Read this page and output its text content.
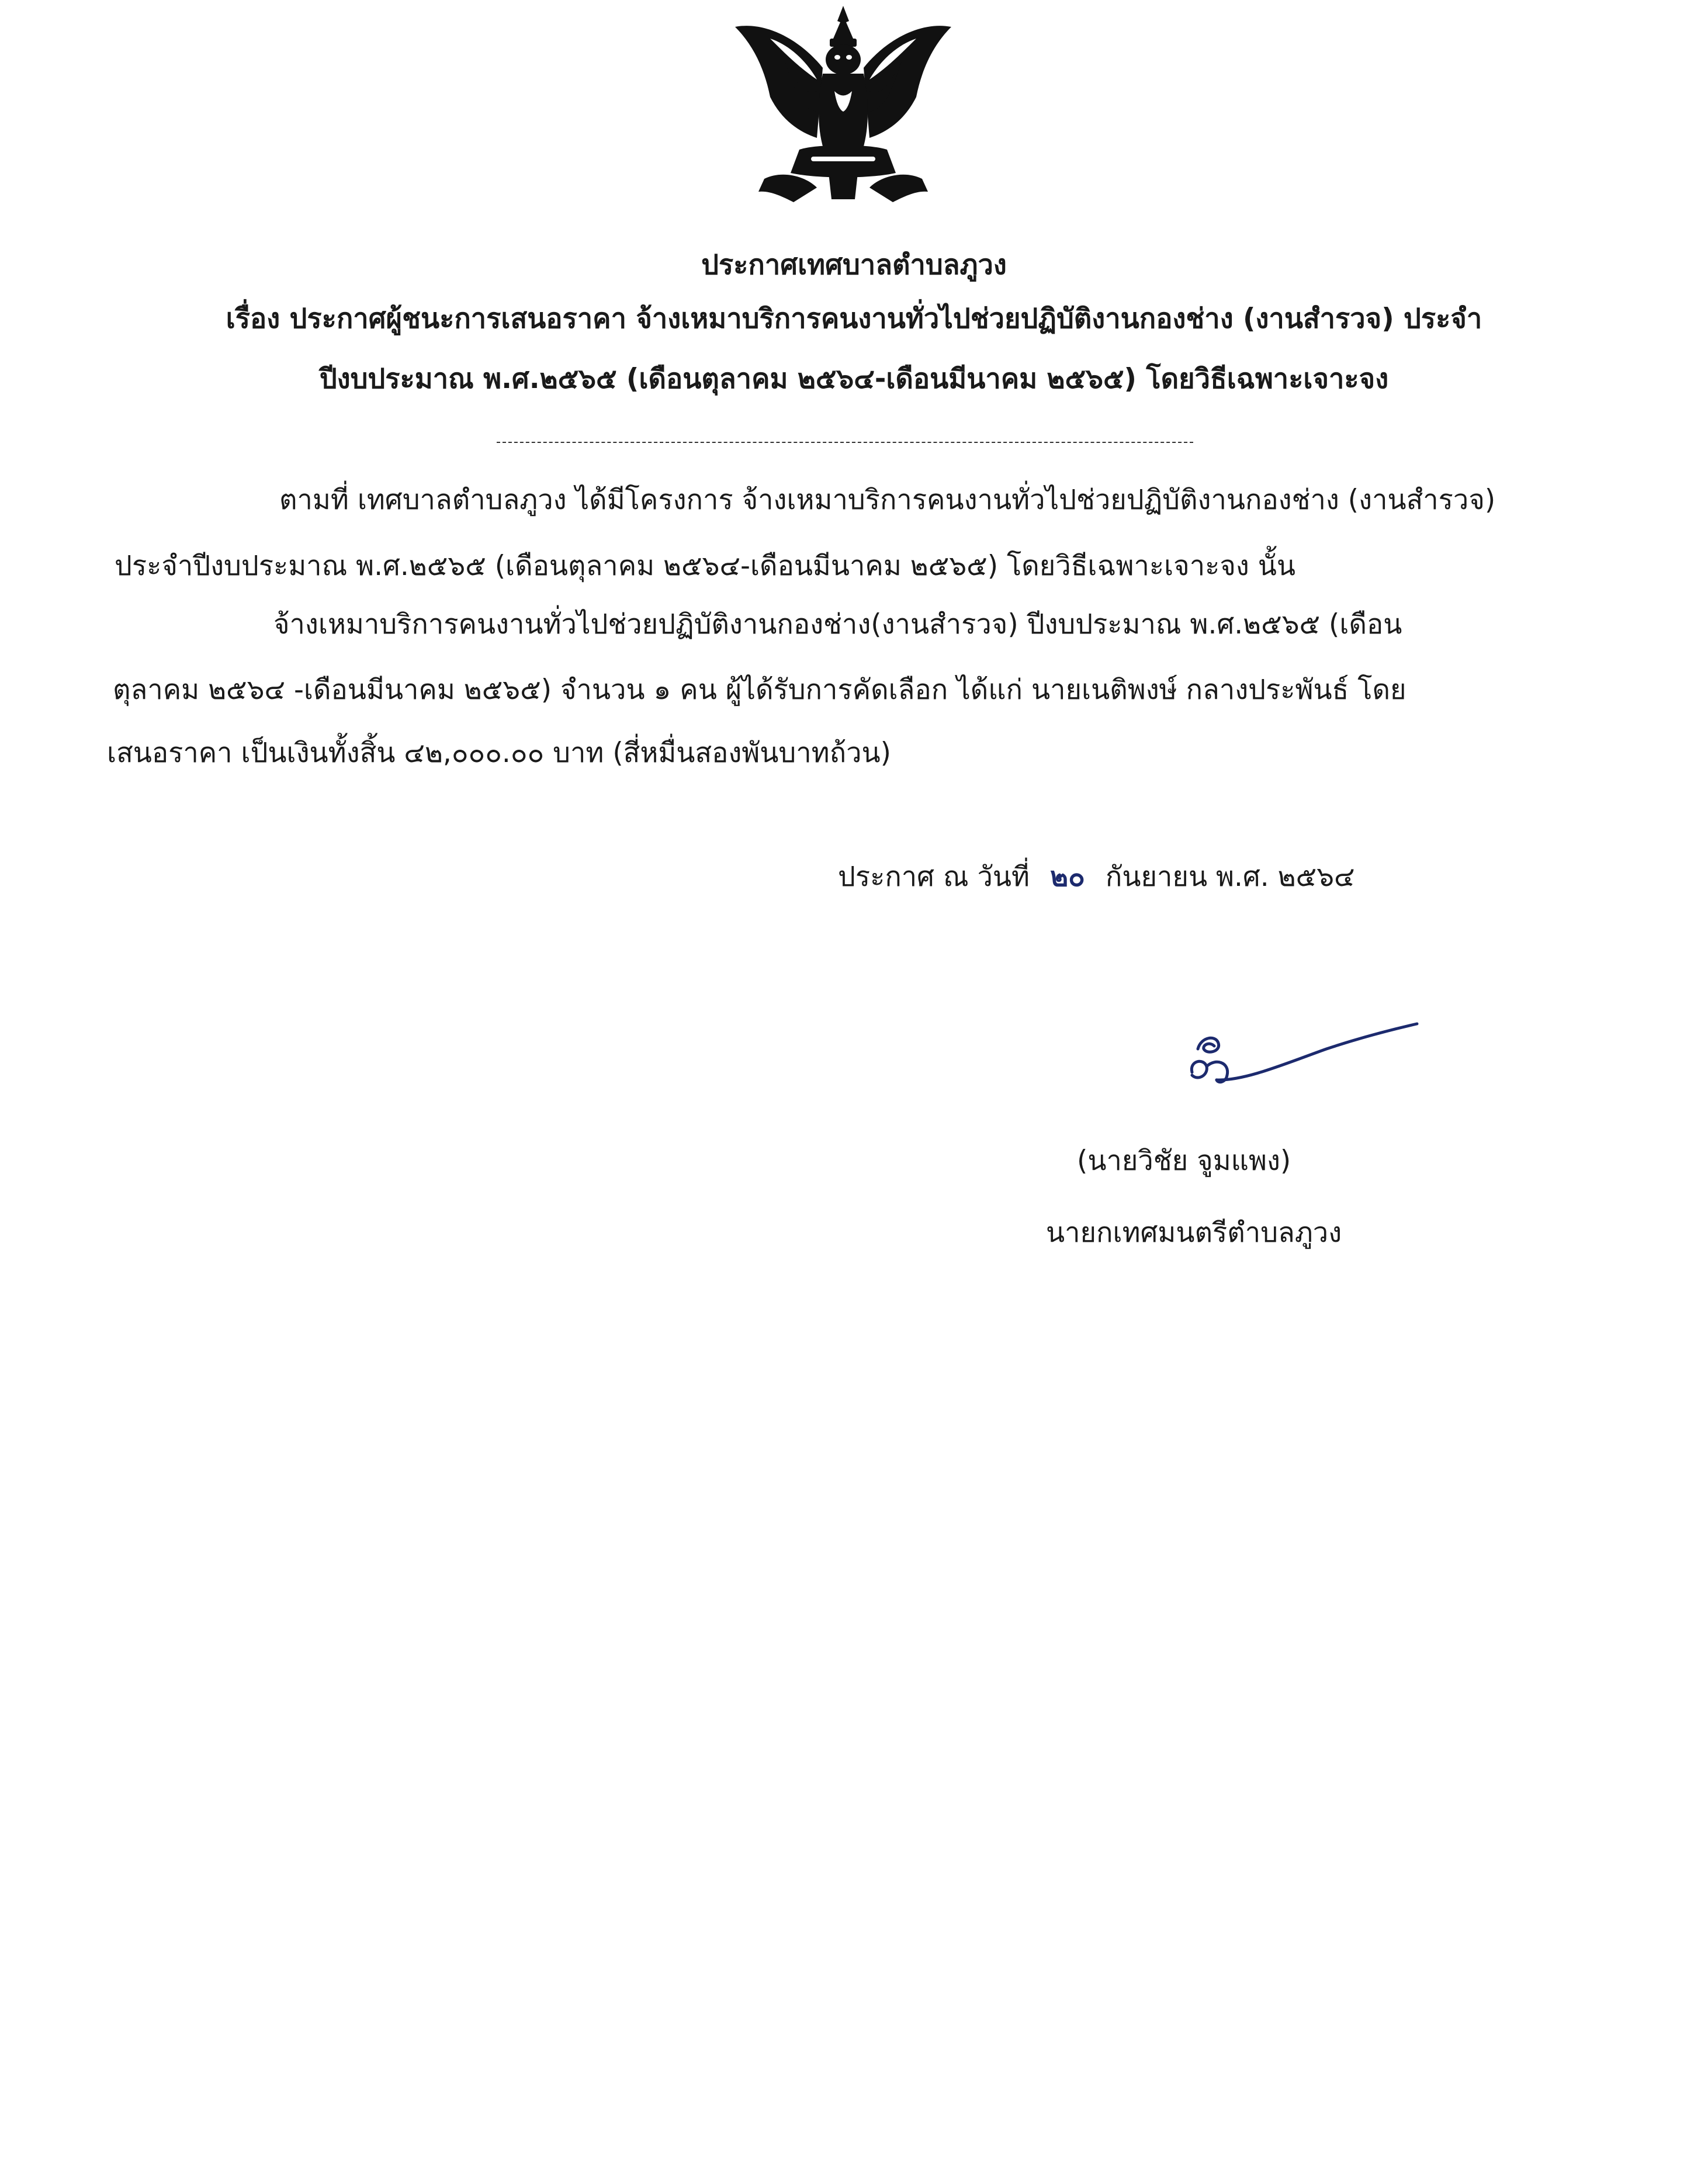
ประกาศเทศบาลตำบลภูวง
เรื่อง ประกาศผู้ชนะการเสนอราคา จ้างเหมาบริการคนงานทั่วไปช่วยปฏิบัติงานกองช่าง (งานสำรวจ) ประจำ
ปีงบประมาณ พ.ศ.๒๕๖๕ (เดือนตุลาคม ๒๕๖๔-เดือนมีนาคม ๒๕๖๕) โดยวิธีเฉพาะเจาะจง
ตามที่ เทศบาลตำบลภูวง ได้มีโครงการ จ้างเหมาบริการคนงานทั่วไปช่วยปฏิบัติงานกองช่าง (งานสำรวจ)
ประจำปีงบประมาณ พ.ศ.๒๕๖๕ (เดือนตุลาคม ๒๕๖๔-เดือนมีนาคม ๒๕๖๕) โดยวิธีเฉพาะเจาะจง นั้น
จ้างเหมาบริการคนงานทั่วไปช่วยปฏิบัติงานกองช่าง(งานสำรวจ) ปีงบประมาณ พ.ศ.๒๕๖๕ (เดือน
ตุลาคม ๒๕๖๔ -เดือนมีนาคม ๒๕๖๕) จำนวน ๑ คน ผู้ได้รับการคัดเลือก ได้แก่ นายเนติพงษ์ กลางประพันธ์ โดย
เสนอราคา เป็นเงินทั้งสิ้น ๔๒,๐๐๐.๐๐ บาท (สี่หมื่นสองพันบาทถ้วน)
ประกาศ ณ วันที่ ๒๐ กันยายน พ.ศ. ๒๕๖๔
(นายวิชัย จูมแพง)
นายกเทศมนตรีตำบลภูวง
